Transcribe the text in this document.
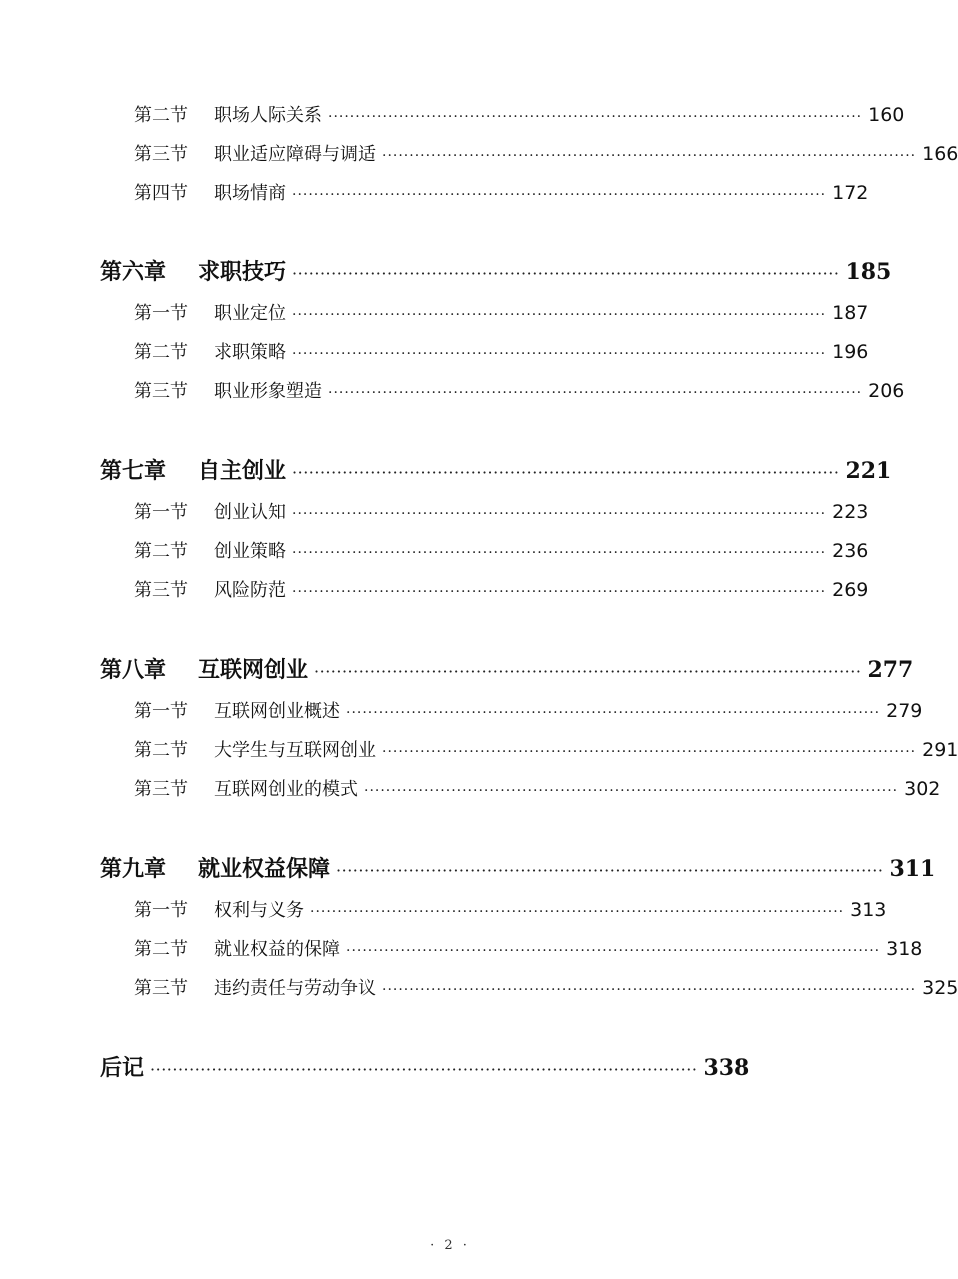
第二节	职场人际关系 ·································································································· 160
第三节	职业适应障碍与调适 ·································································································· 166
第四节	职场情商 ·································································································· 172
第六章	求职技巧 ·································································································· 185
第一节	职业定位 ·································································································· 187
第二节	求职策略 ·································································································· 196
第三节	职业形象塑造 ·································································································· 206
第七章	自主创业 ·································································································· 221
第一节	创业认知 ·································································································· 223
第二节	创业策略 ·································································································· 236
第三节	风险防范 ·································································································· 269
第八章	互联网创业 ·································································································· 277
第一节	互联网创业概述 ·································································································· 279
第二节	大学生与互联网创业 ·································································································· 291
第三节	互联网创业的模式 ·································································································· 302
第九章	就业权益保障 ·································································································· 311
第一节	权利与义务 ·································································································· 313
第二节	就业权益的保障 ·································································································· 318
第三节	违约责任与劳动争议 ·································································································· 325
后记 ·································································································· 338
· 2 ·
